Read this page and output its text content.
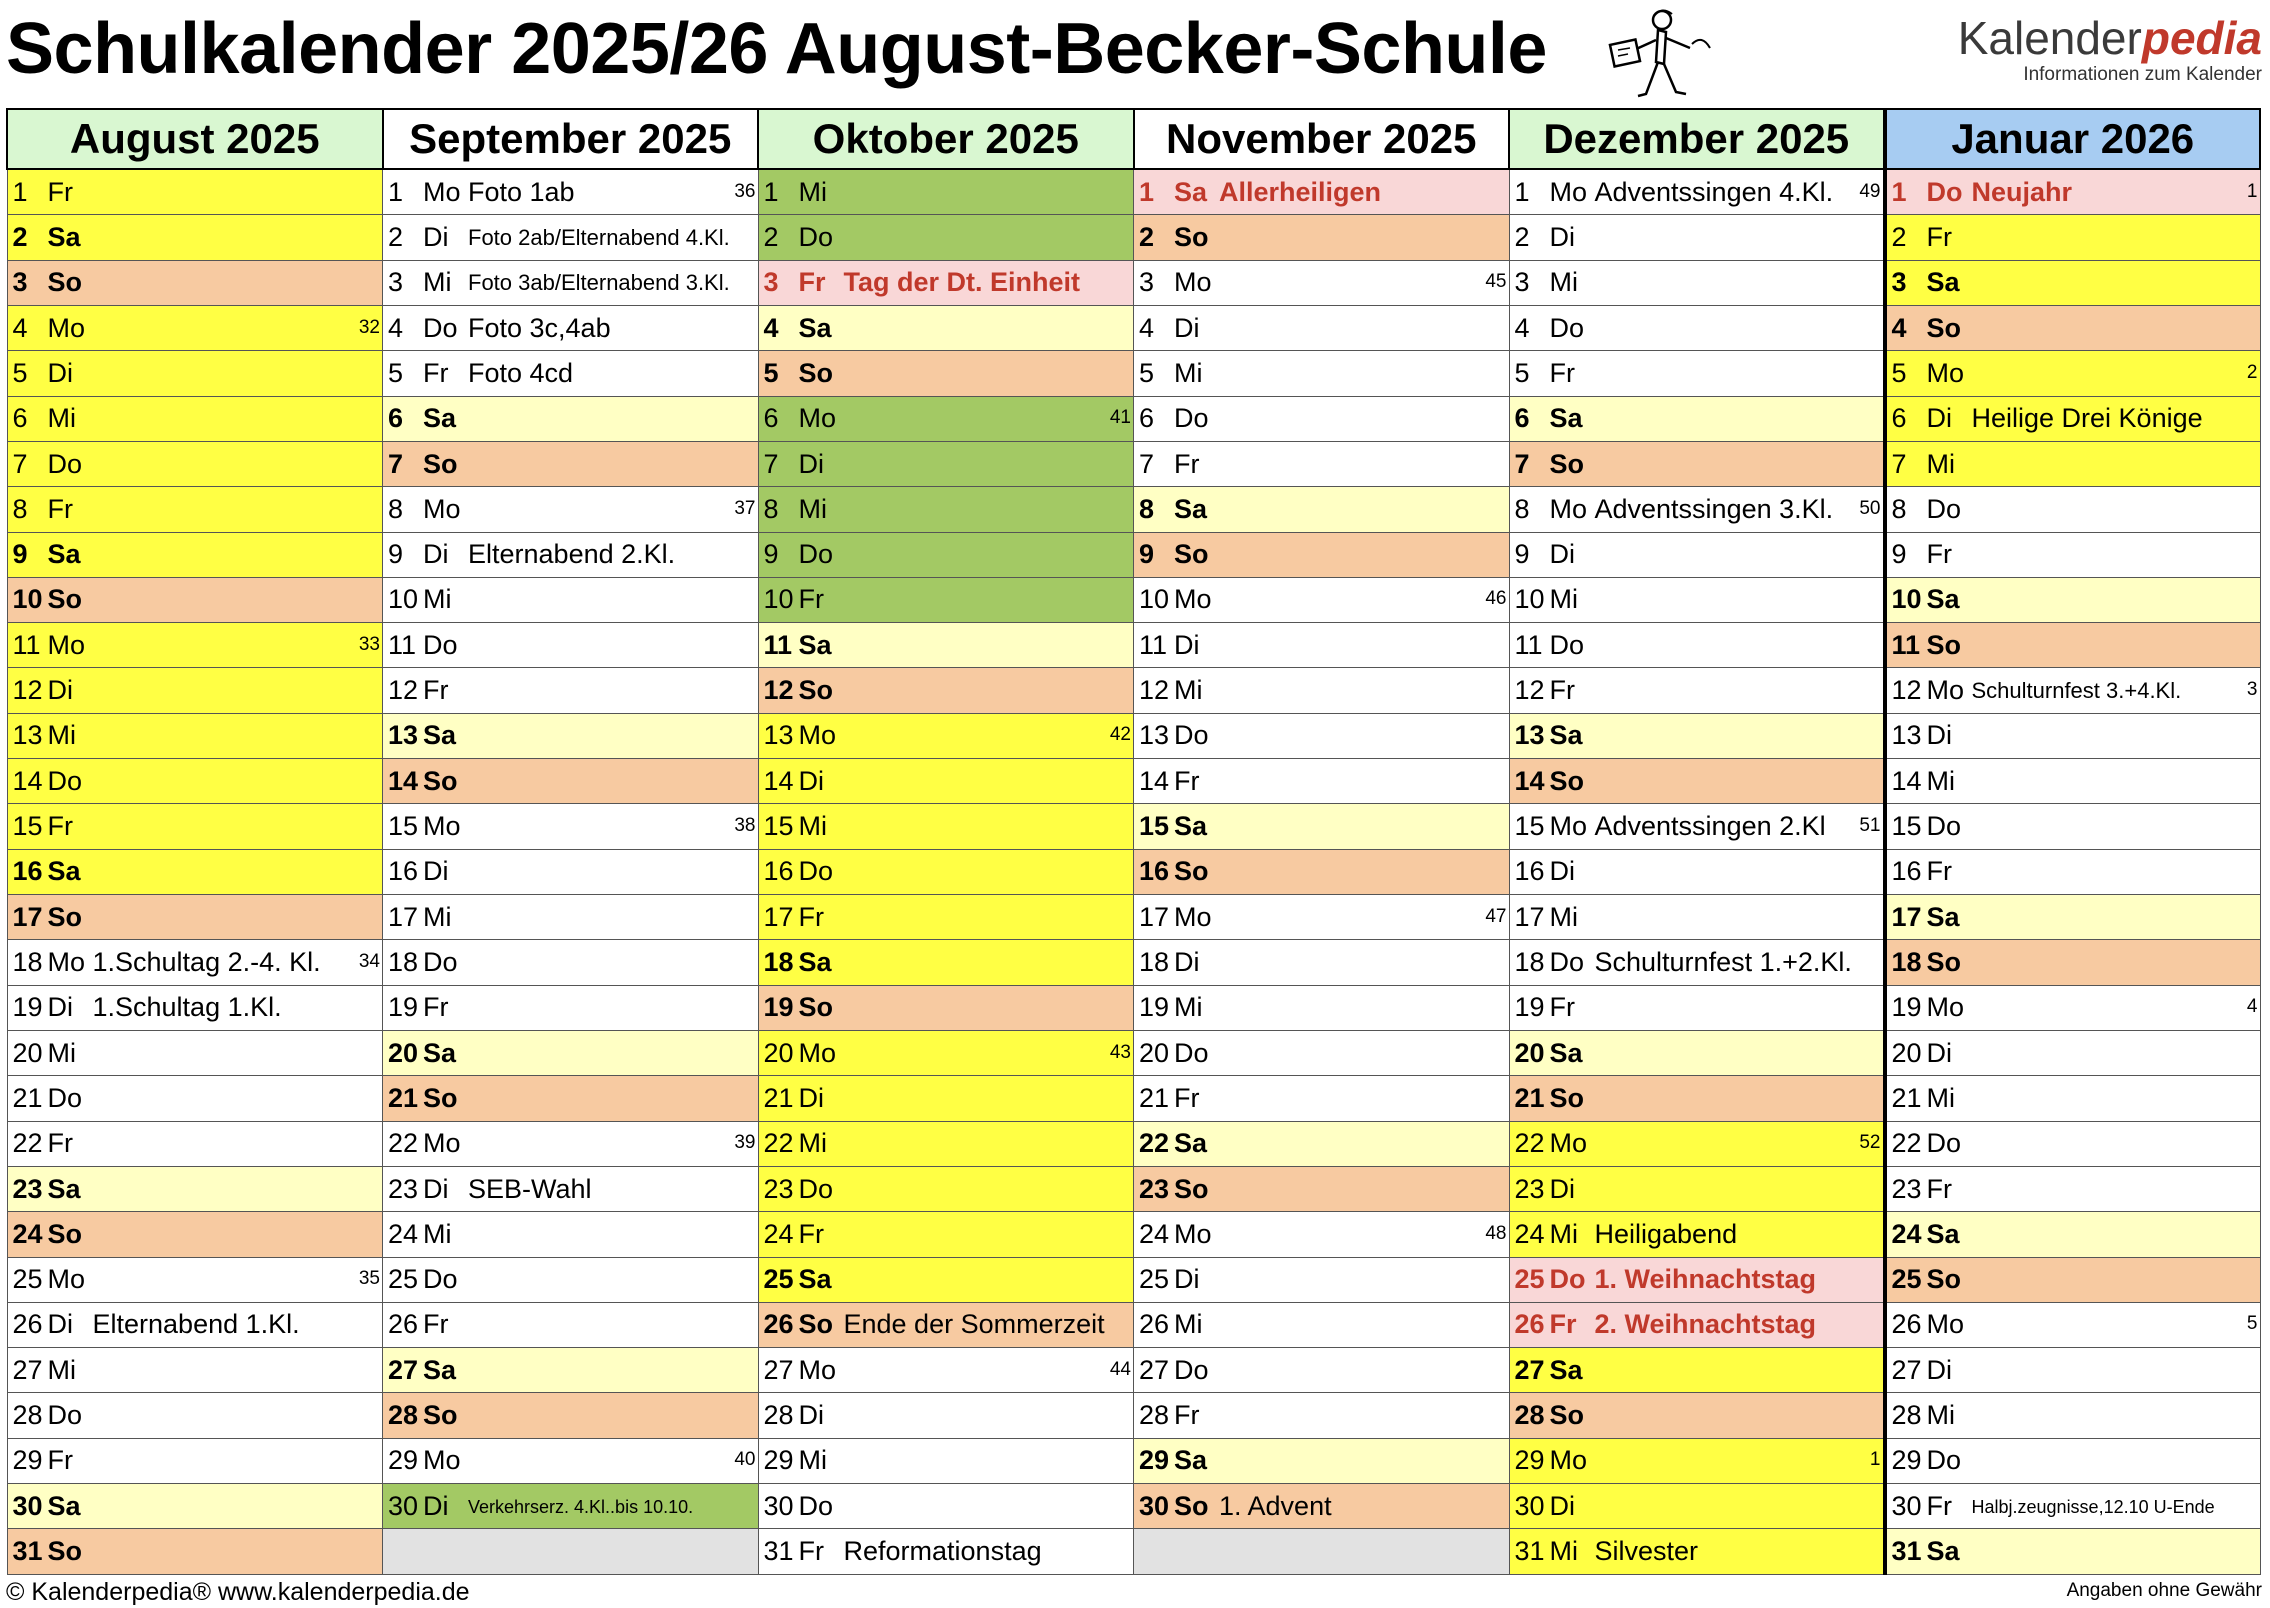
Schulkalender 2025/26 August-Becker-Schule	Kalenderpedia
Informationen zum Kalender
August 2025	September 2025	Oktober 2025	November 2025	Dezember 2025	Januar 2026

1 Fr	1 Mo Foto 1ab 36	1 Mi	1 Sa Allerheiligen	1 Mo Adventssingen 4.Kl. 49	1 Do Neujahr 1

2 Sa	2 Di Foto 2ab/Elternabend 4.Kl.	2 Do	2 So	2 Di	2 Fr

3 So	3 Mi Foto 3ab/Elternabend 3.Kl.	3 Fr Tag der Dt. Einheit	3 Mo 45	3 Mi	3 Sa

4 Mo 32	4 Do Foto 3c,4ab	4 Sa	4 Di	4 Do	4 So

5 Di	5 Fr Foto 4cd	5 So	5 Mi	5 Fr	5 Mo 2

6 Mi	6 Sa	6 Mo 41	6 Do	6 Sa	6 Di Heilige Drei Könige

7 Do	7 So	7 Di	7 Fr	7 So	7 Mi

8 Fr	8 Mo 37	8 Mi	8 Sa	8 Mo Adventssingen 3.Kl. 50	8 Do

9 Sa	9 Di Elternabend 2.Kl.	9 Do	9 So	9 Di	9 Fr

10 So	10 Mi	10 Fr	10 Mo 46	10 Mi	10 Sa

11 Mo 33	11 Do	11 Sa	11 Di	11 Do	11 So

12 Di	12 Fr	12 So	12 Mi	12 Fr	12 Mo Schulturnfest 3.+4.Kl. 3

13 Mi	13 Sa	13 Mo 42	13 Do	13 Sa	13 Di

14 Do	14 So	14 Di	14 Fr	14 So	14 Mi

15 Fr	15 Mo 38	15 Mi	15 Sa	15 Mo Adventssingen 2.Kl 51	15 Do

16 Sa	16 Di	16 Do	16 So	16 Di	16 Fr

17 So	17 Mi	17 Fr	17 Mo 47	17 Mi	17 Sa

18 Mo 1.Schultag 2.-4. Kl. 34	18 Do	18 Sa	18 Di	18 Do Schulturnfest 1.+2.Kl.	18 So

19 Di 1.Schultag 1.Kl.	19 Fr	19 So	19 Mi	19 Fr	19 Mo 4

20 Mi	20 Sa	20 Mo 43	20 Do	20 Sa	20 Di

21 Do	21 So	21 Di	21 Fr	21 So	21 Mi

22 Fr	22 Mo 39	22 Mi	22 Sa	22 Mo 52	22 Do

23 Sa	23 Di SEB-Wahl	23 Do	23 So	23 Di	23 Fr

24 So	24 Mi	24 Fr	24 Mo 48	24 Mi Heiligabend	24 Sa

25 Mo 35	25 Do	25 Sa	25 Di	25 Do 1. Weihnachtstag	25 So

26 Di Elternabend 1.Kl.	26 Fr	26 So Ende der Sommerzeit	26 Mi	26 Fr 2. Weihnachtstag	26 Mo 5

27 Mi	27 Sa	27 Mo 44	27 Do	27 Sa	27 Di

28 Do	28 So	28 Di	28 Fr	28 So	28 Mi

29 Fr	29 Mo 40	29 Mi	29 Sa	29 Mo 1	29 Do

30 Sa	30 Di Verkehrserz. 4.Kl..bis 10.10.	30 Do	30 So 1. Advent	30 Di	30 Fr Halbj.zeugnisse,12.10 U-Ende

31 So		31 Fr Reformationstag		31 Mi Silvester	31 Sa
© Kalenderpedia® www.kalenderpedia.de	Angaben ohne Gewähr
